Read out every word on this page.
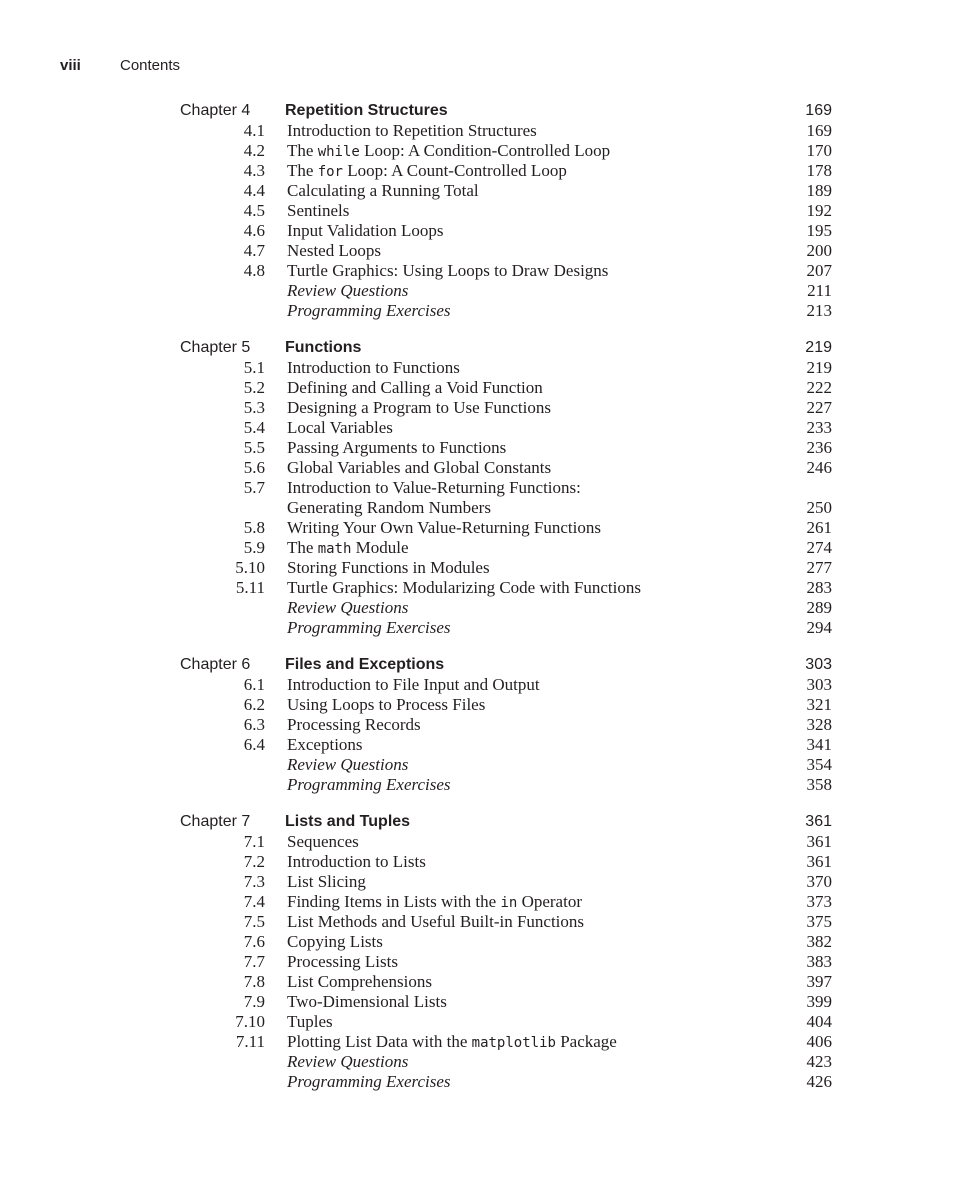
viii	Contents
Chapter 4 Repetition Structures	169
4.1 Introduction to Repetition Structures	169
4.2 The while Loop: A Condition-Controlled Loop	170
4.3 The for Loop: A Count-Controlled Loop	178
4.4 Calculating a Running Total	189
4.5 Sentinels	192
4.6 Input Validation Loops	195
4.7 Nested Loops	200
4.8 Turtle Graphics: Using Loops to Draw Designs	207
Review Questions	211
Programming Exercises	213
Chapter 5 Functions	219
5.1 Introduction to Functions	219
5.2 Defining and Calling a Void Function	222
5.3 Designing a Program to Use Functions	227
5.4 Local Variables	233
5.5 Passing Arguments to Functions	236
5.6 Global Variables and Global Constants	246
5.7 Introduction to Value-Returning Functions:
Generating Random Numbers	250
5.8 Writing Your Own Value-Returning Functions	261
5.9 The math Module	274
5.10 Storing Functions in Modules	277
5.11 Turtle Graphics: Modularizing Code with Functions	283
Review Questions	289
Programming Exercises	294
Chapter 6 Files and Exceptions	303
6.1 Introduction to File Input and Output	303
6.2 Using Loops to Process Files	321
6.3 Processing Records	328
6.4 Exceptions	341
Review Questions	354
Programming Exercises	358
Chapter 7 Lists and Tuples	361
7.1 Sequences	361
7.2 Introduction to Lists	361
7.3 List Slicing	370
7.4 Finding Items in Lists with the in Operator	373
7.5 List Methods and Useful Built-in Functions	375
7.6 Copying Lists	382
7.7 Processing Lists	383
7.8 List Comprehensions	397
7.9 Two-Dimensional Lists	399
7.10 Tuples	404
7.11 Plotting List Data with the matplotlib Package	406
Review Questions	423
Programming Exercises	426
